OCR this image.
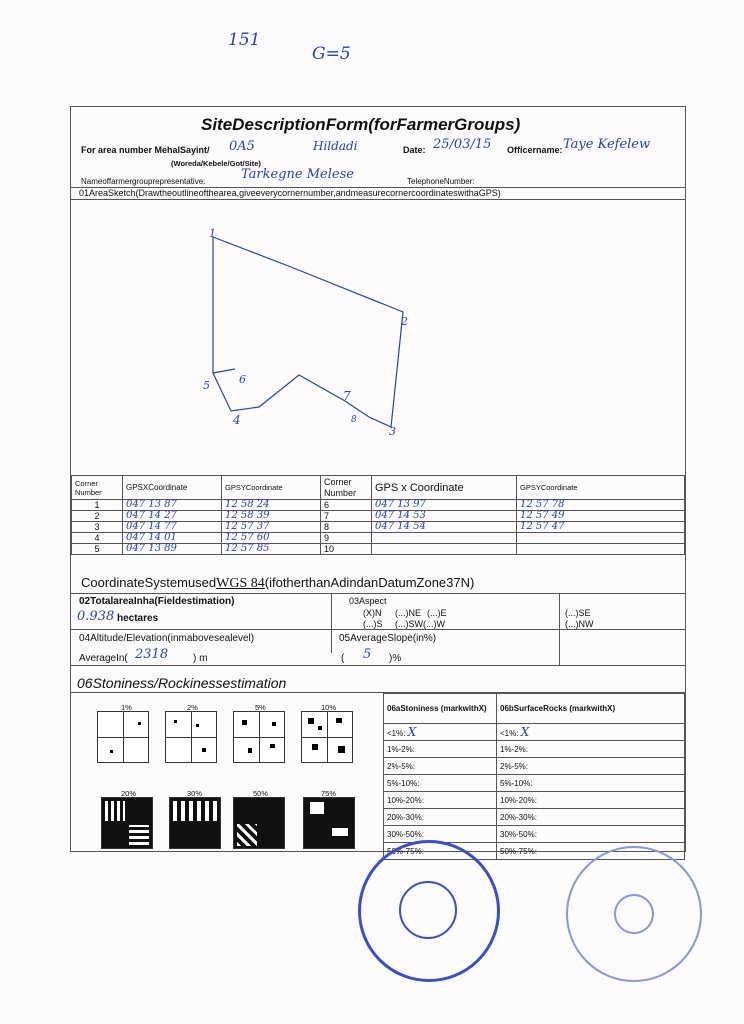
151
G=5
SiteDescriptionForm(forFarmerGroups)
For area number MehalSayint/ 0A5	Hildadi
(Woreda/Kebele/Got/Site)
Date: 25/03/15 Officername: Taye Kefelew
Nameoffarmergrouprepresentative:	Tarkegne Melese	TelephoneNumber:
01AreaSketch(Drawtheoutlineofthearea,giveeverycornernumber,andmeasurecornercoordinateswithaGPS)
1
2
3
4
5	6
7
8
Corner Number	GPSXCoordinate	GPSYCoordinate	Corner Number	GPS x Coordinate	GPSYCoordinate
1	047 13 87	12 58 24	6	047 13 97	12 57 78
2	047 14 27	12 58 39	7	047 14 53	12 57 49
3	047 14 77	12 57 37	8	047 14 54	12 57 47
4	047 14 01	12 57 60	9		
5	047 13 89	12 57 85	10		
CoordinateSystemusedWGS 84(ifotherthanAdindanDatumZone37N)
02TotalareaInha(Fieldestimation)
0.938 hectares
03Aspect
(X)N (...)NE (...)E
(...)S (...)SW(...)W
(...)SE
(...)NW
04Altitude/Elevation(inmabovesealevel)
AverageIn( 2318 ) m
05AverageSlope(in%)
( 5 )%
06Stoniness/Rockinessestimation
1%	2%	5%	10%
20%	30%	50%	75%
06aStoniness (markwithX)	06bSurfaceRocks (markwithX)
<1%: X	<1%: X
1%-2%:	1%-2%:
2%-5%:	2%-5%:
5%-10%:	5%-10%:
10%-20%:	10%-20%:
20%-30%:	20%-30%:
30%-50%:	30%-50%:
50%-75%:	50%-75%:
